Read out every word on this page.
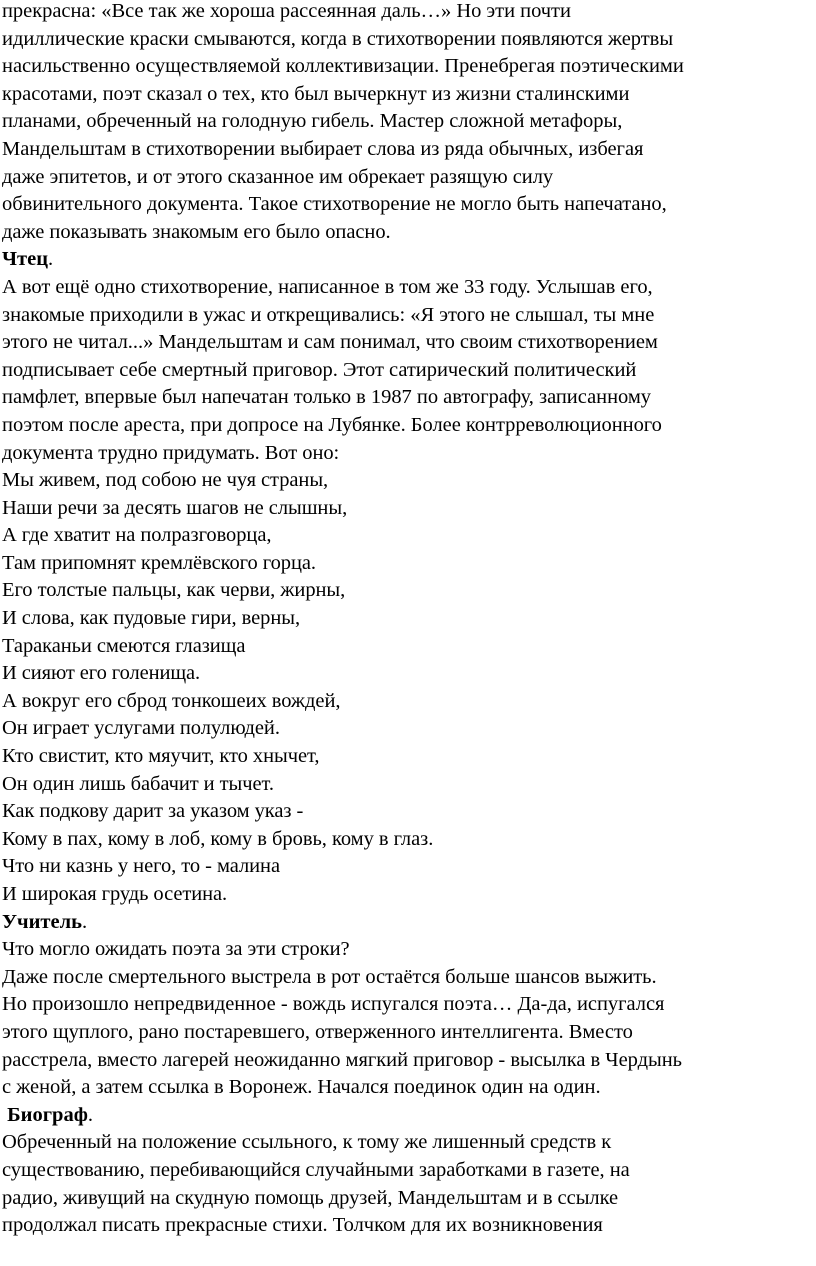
прекрасна: «Все так же хороша рассеянная даль…» Но эти почти
идиллические краски смываются, когда в стихотворении появляются жертвы
насильственно осуществляемой коллективизации. Пренебрегая поэтическими
красотами, поэт сказал о тех, кто был вычеркнут из жизни сталинскими
планами, обреченный на голодную гибель. Мастер сложной метафоры,
Мандельштам в стихотворении выбирает слова из ряда обычных, избегая
даже эпитетов, и от этого сказанное им обрекает разящую силу
обвинительного документа. Такое стихотворение не могло быть напечатано,
даже показывать знакомым его было опасно.
Чтец.
А вот ещё одно стихотворение, написанное в том же 33 году. Услышав его,
знакомые приходили в ужас и открещивались: «Я этого не слышал, ты мне
этого не читал...» Мандельштам и сам понимал, что своим стихотворением
подписывает себе смертный приговор. Этот сатирический политический
памфлет, впервые был напечатан только в 1987 по автографу, записанному
поэтом после ареста, при допросе на Лубянке. Более контрреволюционного
документа трудно придумать. Вот оно:
Мы живем, под собою не чуя страны,
Наши речи за десять шагов не слышны,
А где хватит на полразговорца,
Там припомнят кремлёвского горца.
Его толстые пальцы, как черви, жирны,
И слова, как пудовые гири, верны,
Тараканьи смеются глазища
И сияют его голенища.
А вокруг его сброд тонкошеих вождей,
Он играет услугами полулюдей.
Кто свистит, кто мяучит, кто хнычет,
Он один лишь бабачит и тычет.
Как подкову дарит за указом указ -
Кому в пах, кому в лоб, кому в бровь, кому в глаз.
Что ни казнь у него, то - малина
И широкая грудь осетина.
Учитель.
Что могло ожидать поэта за эти строки?
Даже после смертельного выстрела в рот остаётся больше шансов выжить.
Но произошло непредвиденное - вождь испугался поэта… Да-да, испугался
этого щуплого, рано постаревшего, отверженного интеллигента. Вместо
расстрела, вместо лагерей неожиданно мягкий приговор - высылка в Чердынь
с женой, а затем ссылка в Воронеж. Начался поединок один на один.
Биограф.
Обреченный на положение ссыльного, к тому же лишенный средств к
существованию, перебивающийся случайными заработками в газете, на
радио, живущий на скудную помощь друзей, Мандельштам и в ссылке
продолжал писать прекрасные стихи. Толчком для их возникновения
